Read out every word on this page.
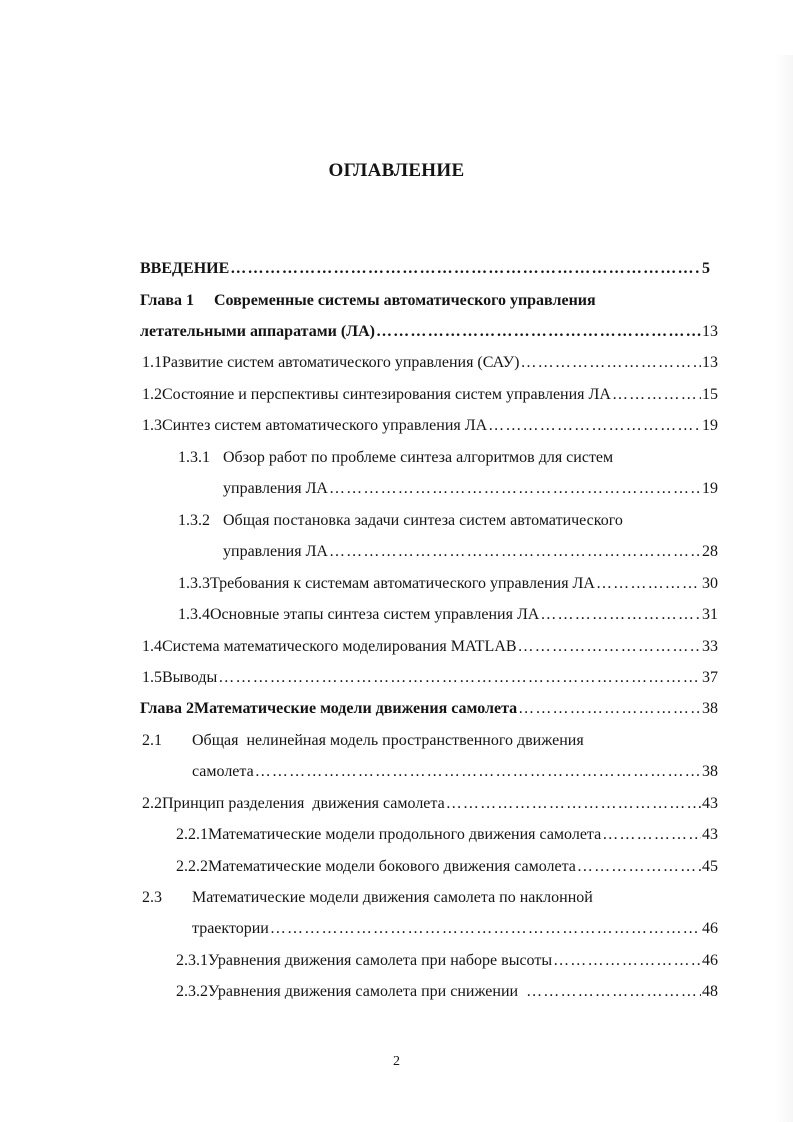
ОГЛАВЛЕНИЕ
ВВЕДЕНИЕ ……………………………………………………………………………………………………………………………………	5
Глава 1	Современные системы автоматического управления
летательными аппаратами (ЛА) ……………………………………………………………………………………………………………………………………	13
1.1 Развитие систем автоматического управления (САУ) ……………………………………………………………………………………………………………………………………	13
1.2 Состояние и перспективы синтезирования систем управления ЛА ……………………………………………………………………………………………………………………………………	15
1.3 Синтез систем автоматического управления ЛА ……………………………………………………………………………………………………………………………………	19
1.3.1 Обзор работ по проблеме синтеза алгоритмов для систем
управления ЛА ……………………………………………………………………………………………………………………………………	19
1.3.2 Общая постановка задачи синтеза систем автоматического
управления ЛА ……………………………………………………………………………………………………………………………………	28
1.3.3 Требования к системам автоматического управления ЛА ……………………………………………………………………………………………………………………………………	30
1.3.4 Основные этапы синтеза систем управления ЛА ……………………………………………………………………………………………………………………………………	31
1.4 Система математического моделирования MATLAB ……………………………………………………………………………………………………………………………………	33
1.5 Выводы ……………………………………………………………………………………………………………………………………	37
Глава 2 Математические модели движения самолета ……………………………………………………………………………………………………………………………………	38
2.1	Общая  нелинейная модель пространственного движения
самолета ……………………………………………………………………………………………………………………………………	38
2.2 Принцип разделения  движения самолета ……………………………………………………………………………………………………………………………………	43
2.2.1 Математические модели продольного движения самолета ……………………………………………………………………………………………………………………………………	43
2.2.2 Математические модели бокового движения самолета ……………………………………………………………………………………………………………………………………	45
2.3	Математические модели движения самолета по наклонной
траектории ……………………………………………………………………………………………………………………………………	46
2.3.1 Уравнения движения самолета при наборе высоты ……………………………………………………………………………………………………………………………………	46
2.3.2 Уравнения движения самолета при снижении ……………………………………………………………………………………………………………………………………	48
2
